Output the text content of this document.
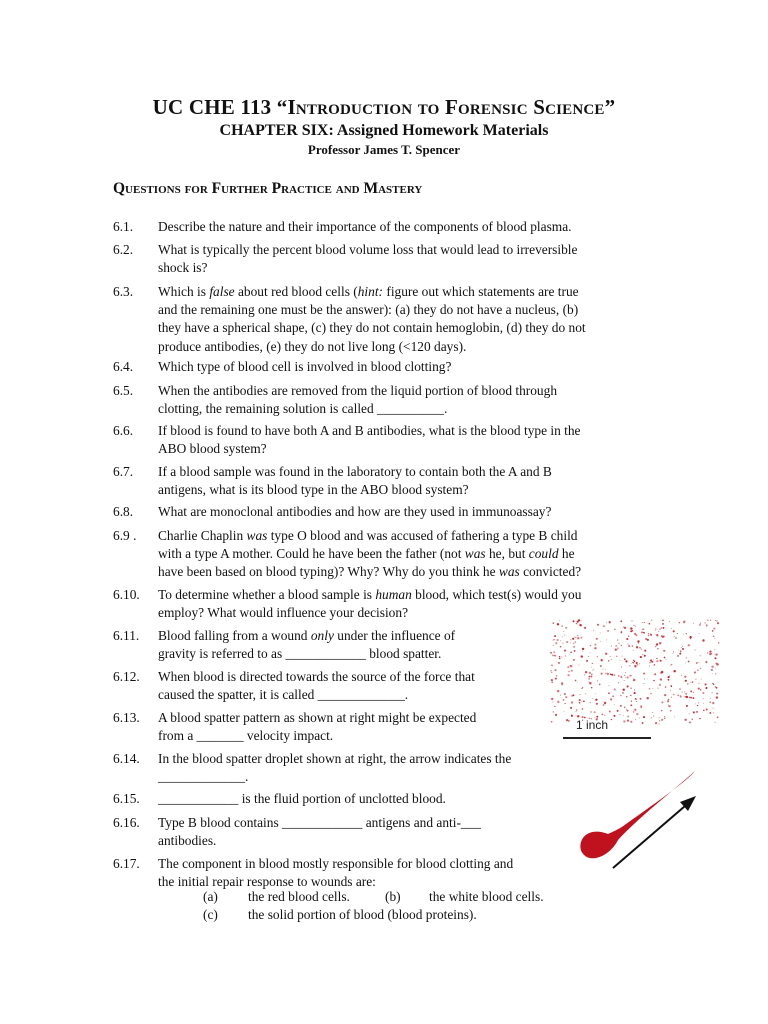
UC CHE 113 “Introduction to Forensic Science”
CHAPTER SIX: Assigned Homework Materials
Professor James T. Spencer
Questions for Further Practice and Mastery
6.1.	Describe the nature and their importance of the components of blood plasma.
6.2.	What is typically the percent blood volume loss that would lead to irreversible
shock is?
6.3.	Which is false about red blood cells (hint: figure out which statements are true
and the remaining one must be the answer): (a) they do not have a nucleus, (b)
they have a spherical shape, (c) they do not contain hemoglobin, (d) they do not
produce antibodies, (e) they do not live long (<120 days).
6.4.	Which type of blood cell is involved in blood clotting?
6.5.	When the antibodies are removed from the liquid portion of blood through
clotting, the remaining solution is called __________.
6.6.	If blood is found to have both A and B antibodies, what is the blood type in the
ABO blood system?
6.7.	If a blood sample was found in the laboratory to contain both the A and B
antigens, what is its blood type in the ABO blood system?
6.8.	What are monoclonal antibodies and how are they used in immunoassay?
6.9 .	Charlie Chaplin was type O blood and was accused of fathering a type B child
with a type A mother. Could he have been the father (not was he, but could he
have been based on blood typing)? Why? Why do you think he was convicted?
6.10.	To determine whether a blood sample is human blood, which test(s) would you
employ? What would influence your decision?
6.11.	Blood falling from a wound only under the influence of
gravity is referred to as ____________ blood spatter.
6.12.	When blood is directed towards the source of the force that
caused the spatter, it is called _____________.
6.13.	A blood spatter pattern as shown at right might be expected
from a _______ velocity impact.
6.14.	In the blood spatter droplet shown at right, the arrow indicates the
_____________.
6.15.	____________ is the fluid portion of unclotted blood.
6.16.	Type B blood contains ____________ antigens and anti-___
antibodies.
6.17.	The component in blood mostly responsible for blood clotting and
the initial repair response to wounds are:
(a) the red blood cells.	(b) the white blood cells.
(c) the solid portion of blood (blood proteins).
1 inch
